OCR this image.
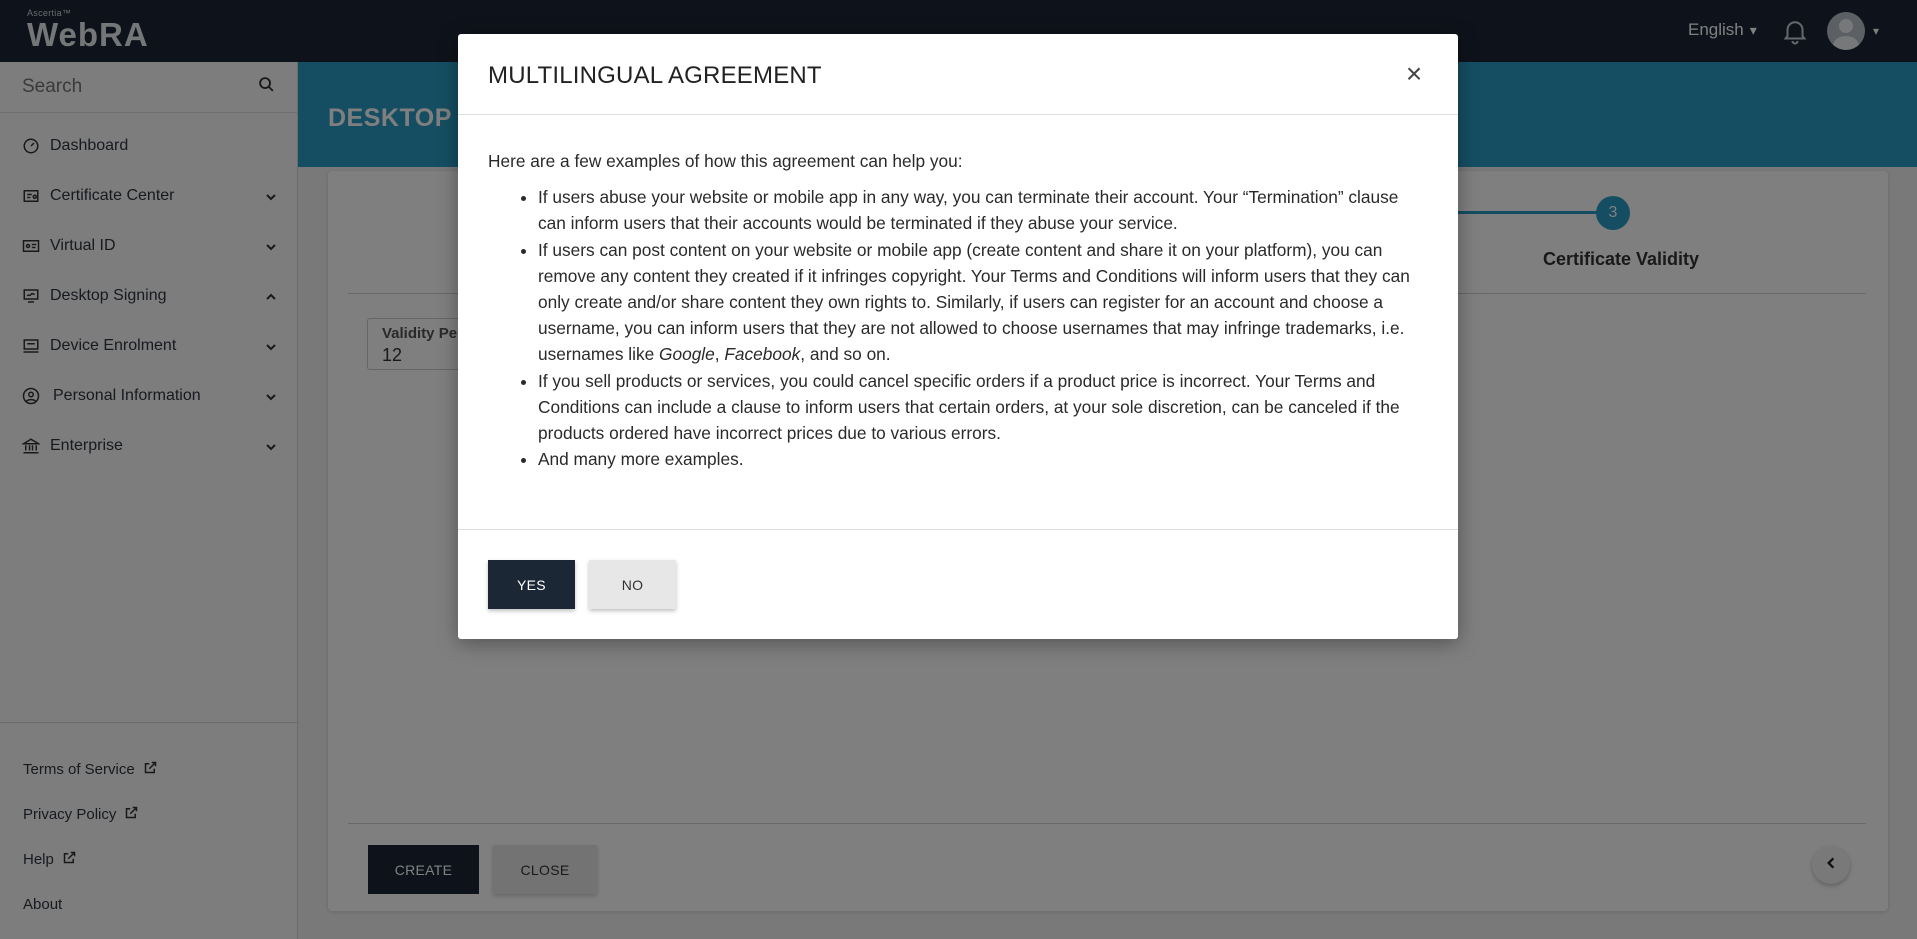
Search
MULTILINGUAL AGREEMENT	×

Here are a few examples of how this agreement can help you:

• If users abuse your website or mobile app in any way, you can terminate their account. Your “Termination” clause can inform users that their accounts would be terminated if they abuse your service.
• If users can post content on your website or mobile app (create content and share it on your platform), you can remove any content they created if it infringes copyright. Your Terms and Conditions will inform users that they can only create and/or share content they own rights to. Similarly, if users can register for an account and choose a username, you can inform users that they are not allowed to choose usernames that may infringe trademarks, i.e. usernames like Google, Facebook, and so on.
• If you sell products or services, you could cancel specific orders if a product price is incorrect. Your Terms and Conditions can include a clause to inform users that certain orders, at your sole discretion, can be canceled if the products ordered have incorrect prices due to various errors.
• And many more examples.
YES	NO
